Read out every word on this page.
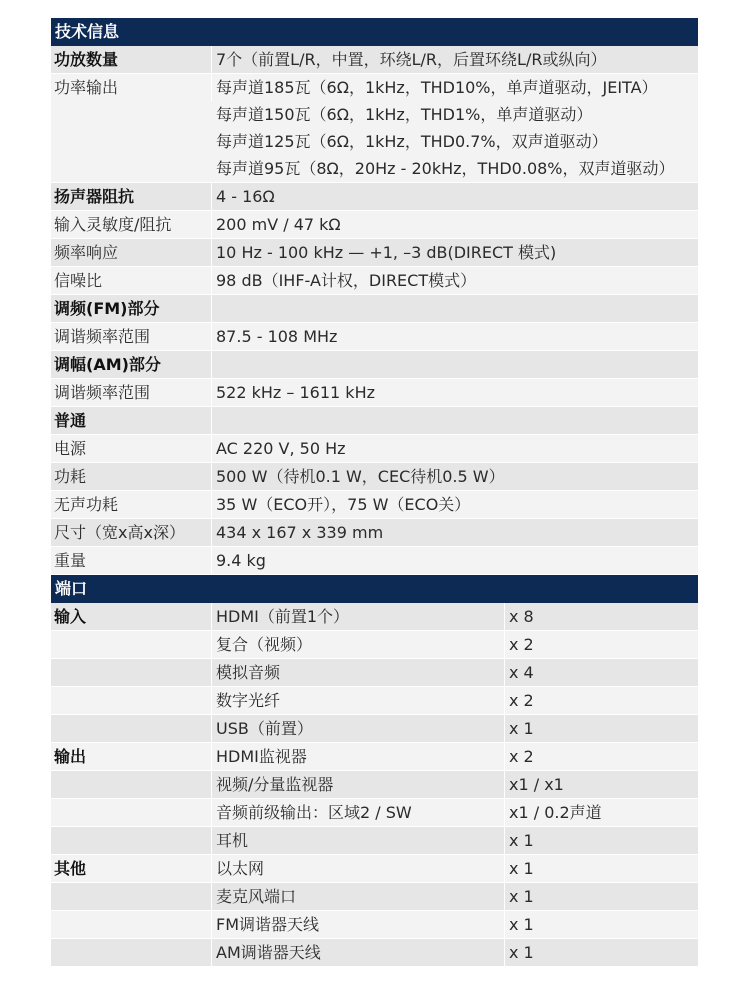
技术信息
功放数量	7个（前置L/R，中置，环绕L/R，后置环绕L/R或纵向）
功率输出	每声道185瓦（6Ω，1kHz，THD10%，单声道驱动，JEITA）
每声道150瓦（6Ω，1kHz，THD1%，单声道驱动）
每声道125瓦（6Ω，1kHz，THD0.7%，双声道驱动）
每声道95瓦（8Ω，20Hz - 20kHz，THD0.08%，双声道驱动）
扬声器阻抗	4 - 16Ω
输入灵敏度/阻抗	200 mV / 47 kΩ
频率响应	10 Hz - 100 kHz — +1, –3 dB(DIRECT 模式)
信噪比	98 dB（IHF-A计权，DIRECT模式）
调频(FM)部分
调谐频率范围	87.5 - 108 MHz
调幅(AM)部分
调谐频率范围	522 kHz – 1611 kHz
普通
电源	AC 220 V, 50 Hz
功耗	500 W（待机0.1 W，CEC待机0.5 W）
无声功耗	35 W（ECO开），75 W（ECO关）
尺寸（宽x高x深）	434 x 167 x 339 mm
重量	9.4 kg
端口
输入	HDMI（前置1个）	x 8
复合（视频）	x 2
模拟音频	x 4
数字光纤	x 2
USB（前置）	x 1
输出	HDMI监视器	x 2
视频/分量监视器	x1 / x1
音频前级输出：区域2 / SW	x1 / 0.2声道
耳机	x 1
其他	以太网	x 1
麦克风端口	x 1
FM调谐器天线	x 1
AM调谐器天线	x 1
